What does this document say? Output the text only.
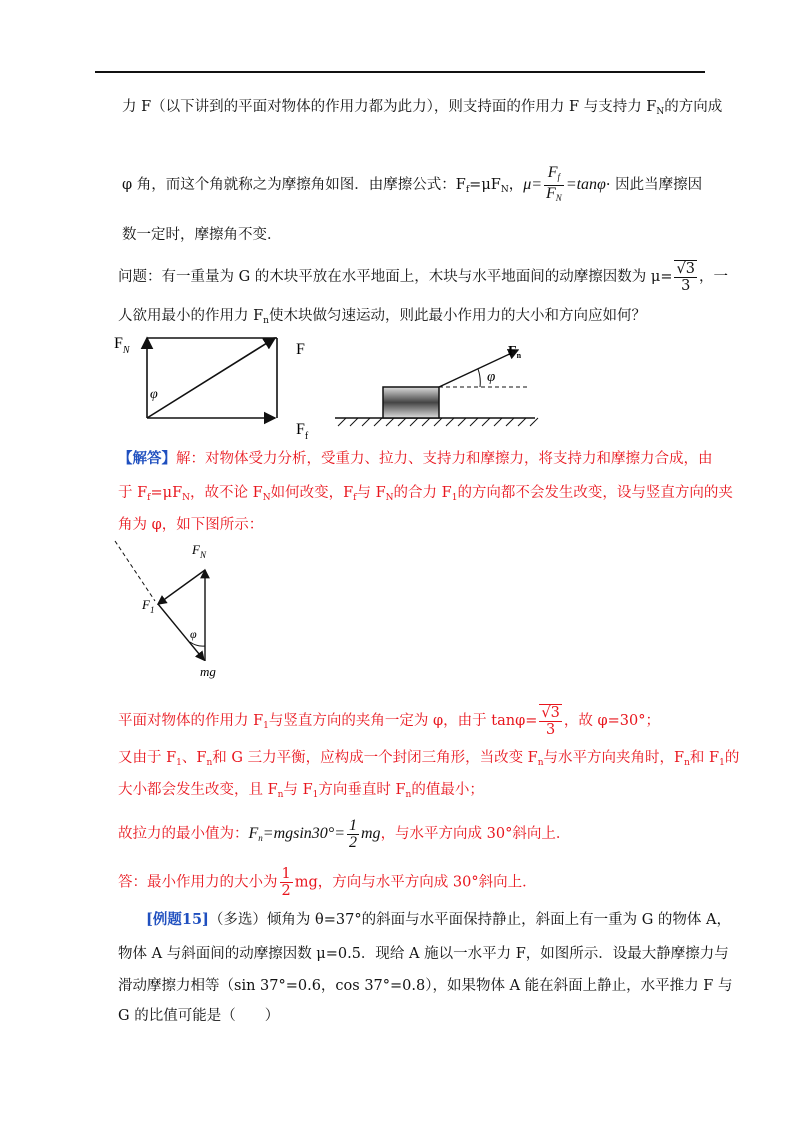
力 F（以下讲到的平面对物体的作用力都为此力），则支持面的作用力 F 与支持力 $F_N$的方向成
φ 角，而这个角就称之为摩擦角如图．由摩擦公式：$F_f=\mu F_N$，$\mu= \frac{F_f}{F_N} =\tan\varphi\cdot$ 因此当摩擦因
数一定时，摩擦角不变．
问题：有一重量为 G 的木块平放在水平地面上，木块与水平地面间的动摩擦因数为 $\mu= \frac{√3}{3}$ ，一
人欲用最小的作用力 $F_n$使木块做匀速运动，则此最小作用力的大小和方向应如何？
$F_N$
φ
F
$F_f$
φ
$F_n$
【解答】解：对物体受力分析，受重力、拉力、支持力和摩擦力，将支持力和摩擦力合成，由
于 $F_f=\mu F_N$，故不论 $F_N$如何改变，$F_f$与 $F_N$的合力 $F_1$的方向都不会发生改变，设与竖直方向的夹
角为 φ，如下图所示：
$F_N$
$F_1$
φ
mg
平面对物体的作用力 $F_1$与竖直方向的夹角一定为 φ，由于 $\tan\varphi= \frac{√3}{3}$ ，故 φ=30°；
又由于 $F_1$、$F_n$和 G 三力平衡，应构成一个封闭三角形，当改变 $F_n$与水平方向夹角时，$F_n$和 $F_1$的
大小都会发生改变，且 $F_n$与 $F_1$方向垂直时 $F_n$的值最小；
故拉力的最小值为：$F_n=mgsin30^\circ= \frac{1}{2}$ mg，与水平方向成 30°斜向上．
答：最小作用力的大小为 $\frac{1}{2}$ mg，方向与水平方向成 30°斜向上．
[例题15]（多选）倾角为 θ=37°的斜面与水平面保持静止，斜面上有一重为 G 的物体 A，
物体 A 与斜面间的动摩擦因数 μ=0.5．现给 A 施以一水平力 F，如图所示．设最大静摩擦力与
滑动摩擦力相等（sin 37°=0.6，cos 37°=0.8），如果物体 A 能在斜面上静止，水平推力 F 与
G 的比值可能是（　　）
